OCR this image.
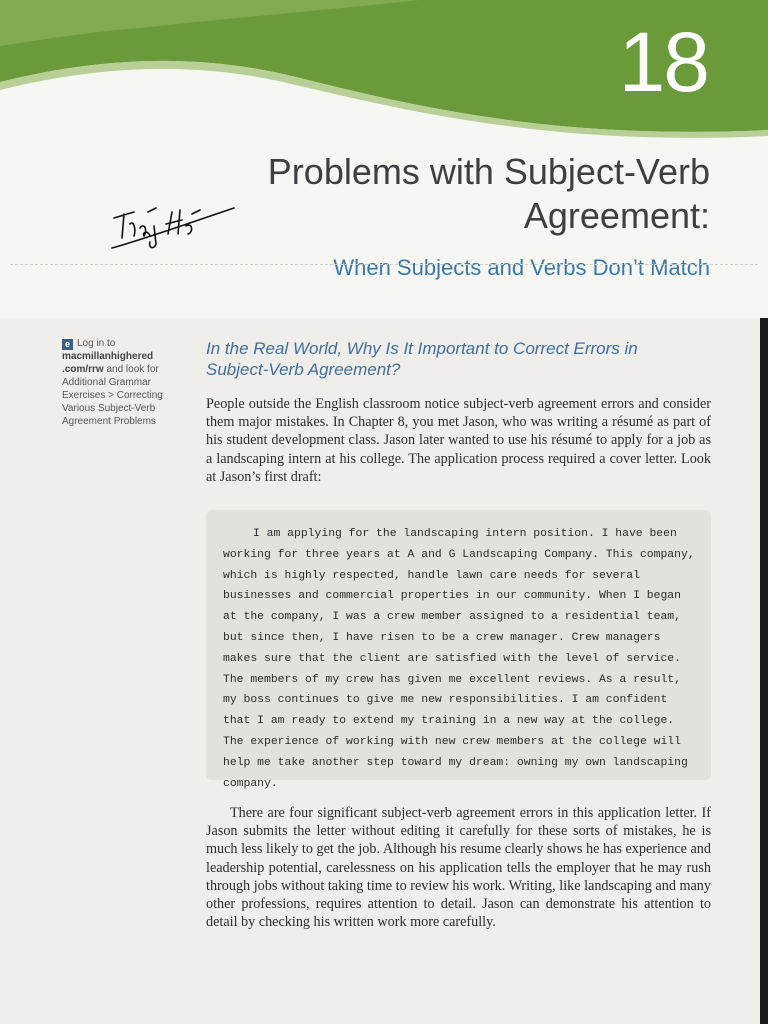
18
Problems with Subject-Verb Agreement:
When Subjects and Verbs Don’t Match
e Log in to
macmillanhighered .com/rrw and look for Additional Grammar Exercises > Correcting Various Subject-Verb Agreement Problems
In the Real World, Why Is It Important to Correct Errors in Subject-Verb Agreement?
People outside the English classroom notice subject-verb agreement errors and consider them major mistakes. In Chapter 8, you met Jason, who was writing a résumé as part of his student development class. Jason later wanted to use his résumé to apply for a job as a landscaping intern at his college. The application process required a cover letter. Look at Jason’s first draft:
I am applying for the landscaping intern position. I have been working for three years at A and G Landscaping Company. This company, which is highly respected, handle lawn care needs for several businesses and commercial properties in our community. When I began at the company, I was a crew member assigned to a residential team, but since then, I have risen to be a crew manager. Crew managers makes sure that the client are satisfied with the level of service. The members of my crew has given me excellent reviews. As a result, my boss continues to give me new responsibilities. I am confident that I am ready to extend my training in a new way at the college. The experience of working with new crew members at the college will help me take another step toward my dream: owning my own landscaping company.
There are four significant subject-verb agreement errors in this application letter. If Jason submits the letter without editing it carefully for these sorts of mistakes, he is much less likely to get the job. Although his resume clearly shows he has experience and leadership potential, carelessness on his application tells the employer that he may rush through jobs without taking time to review his work. Writing, like landscaping and many other professions, requires attention to detail. Jason can demonstrate his attention to detail by checking his written work more carefully.
